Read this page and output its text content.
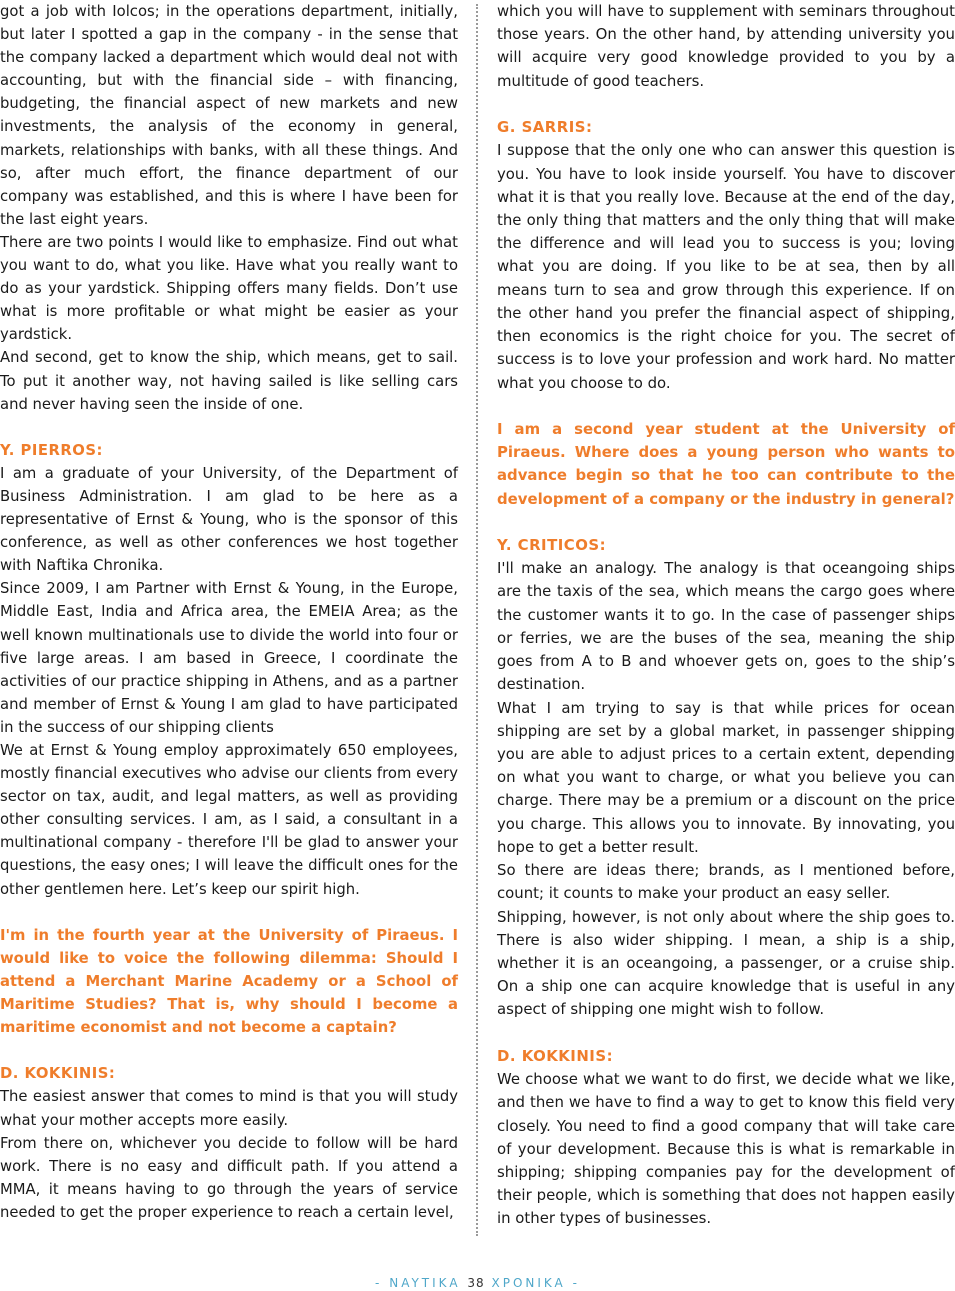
got a job with Iolcos; in the operations department, initially, but later I spotted a gap in the company - in the sense that the company lacked a department which would deal not with accounting, but with the financial side – with financing, budgeting, the financial aspect of new markets and new investments, the analysis of the economy in general, markets, relationships with banks, with all these things. And so, after much effort, the finance department of our company was established, and this is where I have been for the last eight years.

There are two points I would like to emphasize. Find out what you want to do, what you like. Have what you really want to do as your yardstick. Shipping offers many fields. Don’t use what is more profitable or what might be easier as your yardstick.

And second, get to know the ship, which means, get to sail. To put it another way, not having sailed is like selling cars and never having seen the inside of one.

Y. PIERROS:

I am a graduate of your University, of the Department of Business Administration. I am glad to be here as a representative of Ernst & Young, who is the sponsor of this conference, as well as other conferences we host together with Naftika Chronika.

Since 2009, I am Partner with Ernst & Young, in the Europe, Middle East, India and Africa area, the EMEIA Area; as the well known multinationals use to divide the world into four or five large areas. I am based in Greece, I coordinate the activities of our practice shipping in Athens, and as a partner and member of Ernst & Young I am glad to have participated in the success of our shipping clients

We at Ernst & Young employ approximately 650 employees, mostly financial executives who advise our clients from every sector on tax, audit, and legal matters, as well as providing other consulting services. I am, as I said, a consultant in a multinational company - therefore I'll be glad to answer your questions, the easy ones; I will leave the difficult ones for the other gentlemen here. Let’s keep our spirit high.

I'm in the fourth year at the University of Piraeus. I would like to voice the following dilemma: Should I attend a Merchant Marine Academy or a School of Maritime Studies? That is, why should I become a maritime economist and not become a captain?

D. KOKKINIS:

The easiest answer that comes to mind is that you will study what your mother accepts more easily.

From there on, whichever you decide to follow will be hard work. There is no easy and difficult path. If you attend a MMA, it means having to go through the years of service needed to get the proper experience to reach a certain level,

which you will have to supplement with seminars throughout those years. On the other hand, by attending university you will acquire very good knowledge provided to you by a multitude of good teachers.

G. SARRIS:

I suppose that the only one who can answer this question is you. You have to look inside yourself. You have to discover what it is that you really love. Because at the end of the day, the only thing that matters and the only thing that will make the difference and will lead you to success is you; loving what you are doing. If you like to be at sea, then by all means turn to sea and grow through this experience. If on the other hand you prefer the financial aspect of shipping, then economics is the right choice for you. The secret of success is to love your profession and work hard. No matter what you choose to do.

I am a second year student at the University of Piraeus. Where does a young person who wants to advance begin so that he too can contribute to the development of a company or the industry in general?

Y. CRITICOS:

I'll make an analogy. The analogy is that oceangoing ships are the taxis of the sea, which means the cargo goes where the customer wants it to go. In the case of passenger ships or ferries, we are the buses of the sea, meaning the ship goes from A to B and whoever gets on, goes to the ship’s destination.

What I am trying to say is that while prices for ocean shipping are set by a global market, in passenger shipping you are able to adjust prices to a certain extent, depending on what you want to charge, or what you believe you can charge. There may be a premium or a discount on the price you charge. This allows you to innovate. By innovating, you hope to get a better result.

So there are ideas there; brands, as I mentioned before, count; it counts to make your product an easy seller.

Shipping, however, is not only about where the ship goes to. There is also wider shipping. I mean, a ship is a ship, whether it is an oceangoing, a passenger, or a cruise ship. On a ship one can acquire knowledge that is useful in any aspect of shipping one might wish to follow.

D. KOKKINIS:

We choose what we want to do first, we decide what we like, and then we have to find a way to get to know this field very closely. You need to find a good company that will take care of your development. Because this is what is remarkable in shipping; shipping companies pay for the development of their people, which is something that does not happen easily in other types of businesses.

- NAYTIKA 38 XPONIKA -
